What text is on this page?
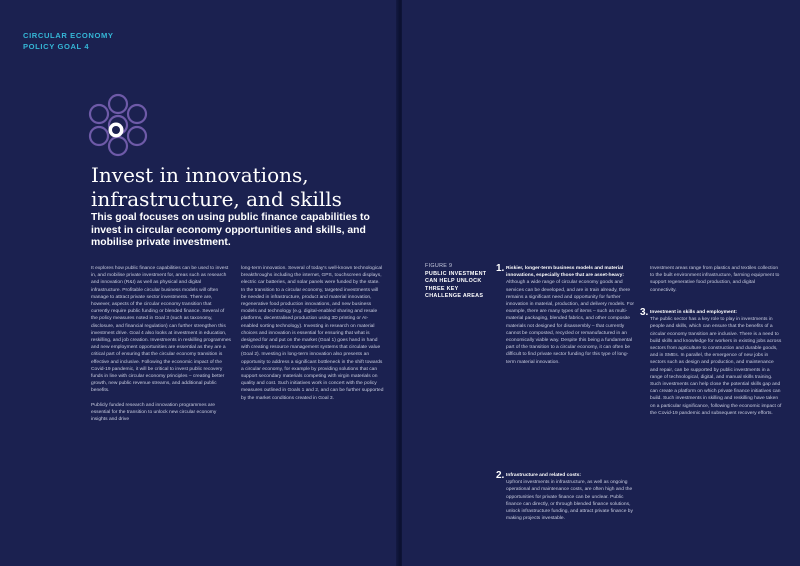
CIRCULAR ECONOMY
POLICY GOAL 4
Invest in innovations,
infrastructure, and skills
This goal focuses on using public finance capabilities to invest in circular economy opportunities and skills, and mobilise private investment.

It explores how public finance capabilities can be used to invest in, and mobilise private investment for, areas such as research and innovation (R&I) as well as physical and digital infrastructure. Profitable circular business models will often manage to attract private sector investments. There are, however, aspects of the circular economy transition that currently require public funding or blended finance. Several of the policy measures noted in Goal 3 (such as taxonomy, disclosure, and financial regulation) can further strengthen this investment drive. Goal 4 also looks at investment in education, reskilling, and job creation. Investments in reskilling programmes and new employment opportunities are essential as they are a critical part of ensuring that the circular economy transition is effective and inclusive. Following the economic impact of the Covid-19 pandemic, it will be critical to invest public recovery funds in line with circular economy principles – creating better growth, new public revenue streams, and additional public benefits.

Publicly funded research and innovation programmes are essential for the transition to unlock new circular economy insights and drive

long-term innovation. Several of today's well-known technological breakthroughs including the internet, GPS, touchscreen displays, electric car batteries, and solar panels were funded by the state. In the transition to a circular economy, targeted investments will be needed in infrastructure, product and material innovation, regenerative food production innovations, and new business models and technology (e.g. digital-enabled sharing and resale platforms, decentralised production using 3D printing or AI-enabled sorting technology). Investing in research on material choices and innovation is essential for ensuring that what is designed for and put on the market (Goal 1) goes hand in hand with creating resource management systems that circulate value (Goal 2). Investing in long-term innovation also presents an opportunity to address a significant bottleneck in the shift towards a circular economy, for example by providing solutions that can support secondary materials competing with virgin materials on quality and cost. Such initiatives work in concert with the policy measures outlined in Goals 1 and 2, and can be further supported by the market conditions created in Goal 3.

FIGURE 9
PUBLIC INVESTMENT CAN HELP UNLOCK THREE KEY CHALLENGE AREAS
1. Riskier, longer-term business models and material innovations, especially those that are asset-heavy: Although a wide range of circular economy goods and services can be developed, and are in train already, there remains a significant need and opportunity for further innovation in material, production, and delivery models. For example, there are many types of items – such as multi-material packaging, blended fabrics, and other composite materials not designed for disassembly – that currently cannot be composted, recycled or remanufactured in an economically viable way. Despite this being a fundamental part of the transition to a circular economy, it can often be difficult to find private sector funding for this type of long-term material innovation.
2. Infrastructure and related costs:
Upfront investments in infrastructure, as well as ongoing operational and maintenance costs, are often high and the opportunities for private finance can be unclear. Public finance can directly, or through blended finance solutions, unlock infrastructure funding, and attract private finance by making projects investable.
Investment areas range from plastics and textiles collection to the built environment infrastructure, farming equipment to support regenerative food production, and digital connectivity.
3. Investment in skills and employment:
The public sector has a key role to play in investments in people and skills, which can ensure that the benefits of a circular economy transition are inclusive. There is a need to build skills and knowledge for workers in existing jobs across sectors from agriculture to construction and durable goods, and in SMEs. In parallel, the emergence of new jobs in sectors such as design and production, and maintenance and repair, can be supported by public investments in a range of technological, digital, and manual skills training. Such investments can help close the potential skills gap and can create a platform on which private finance initiatives can build. Such investments in skilling and reskilling have taken on a particular significance, following the economic impact of the Covid-19 pandemic and subsequent recovery efforts.
